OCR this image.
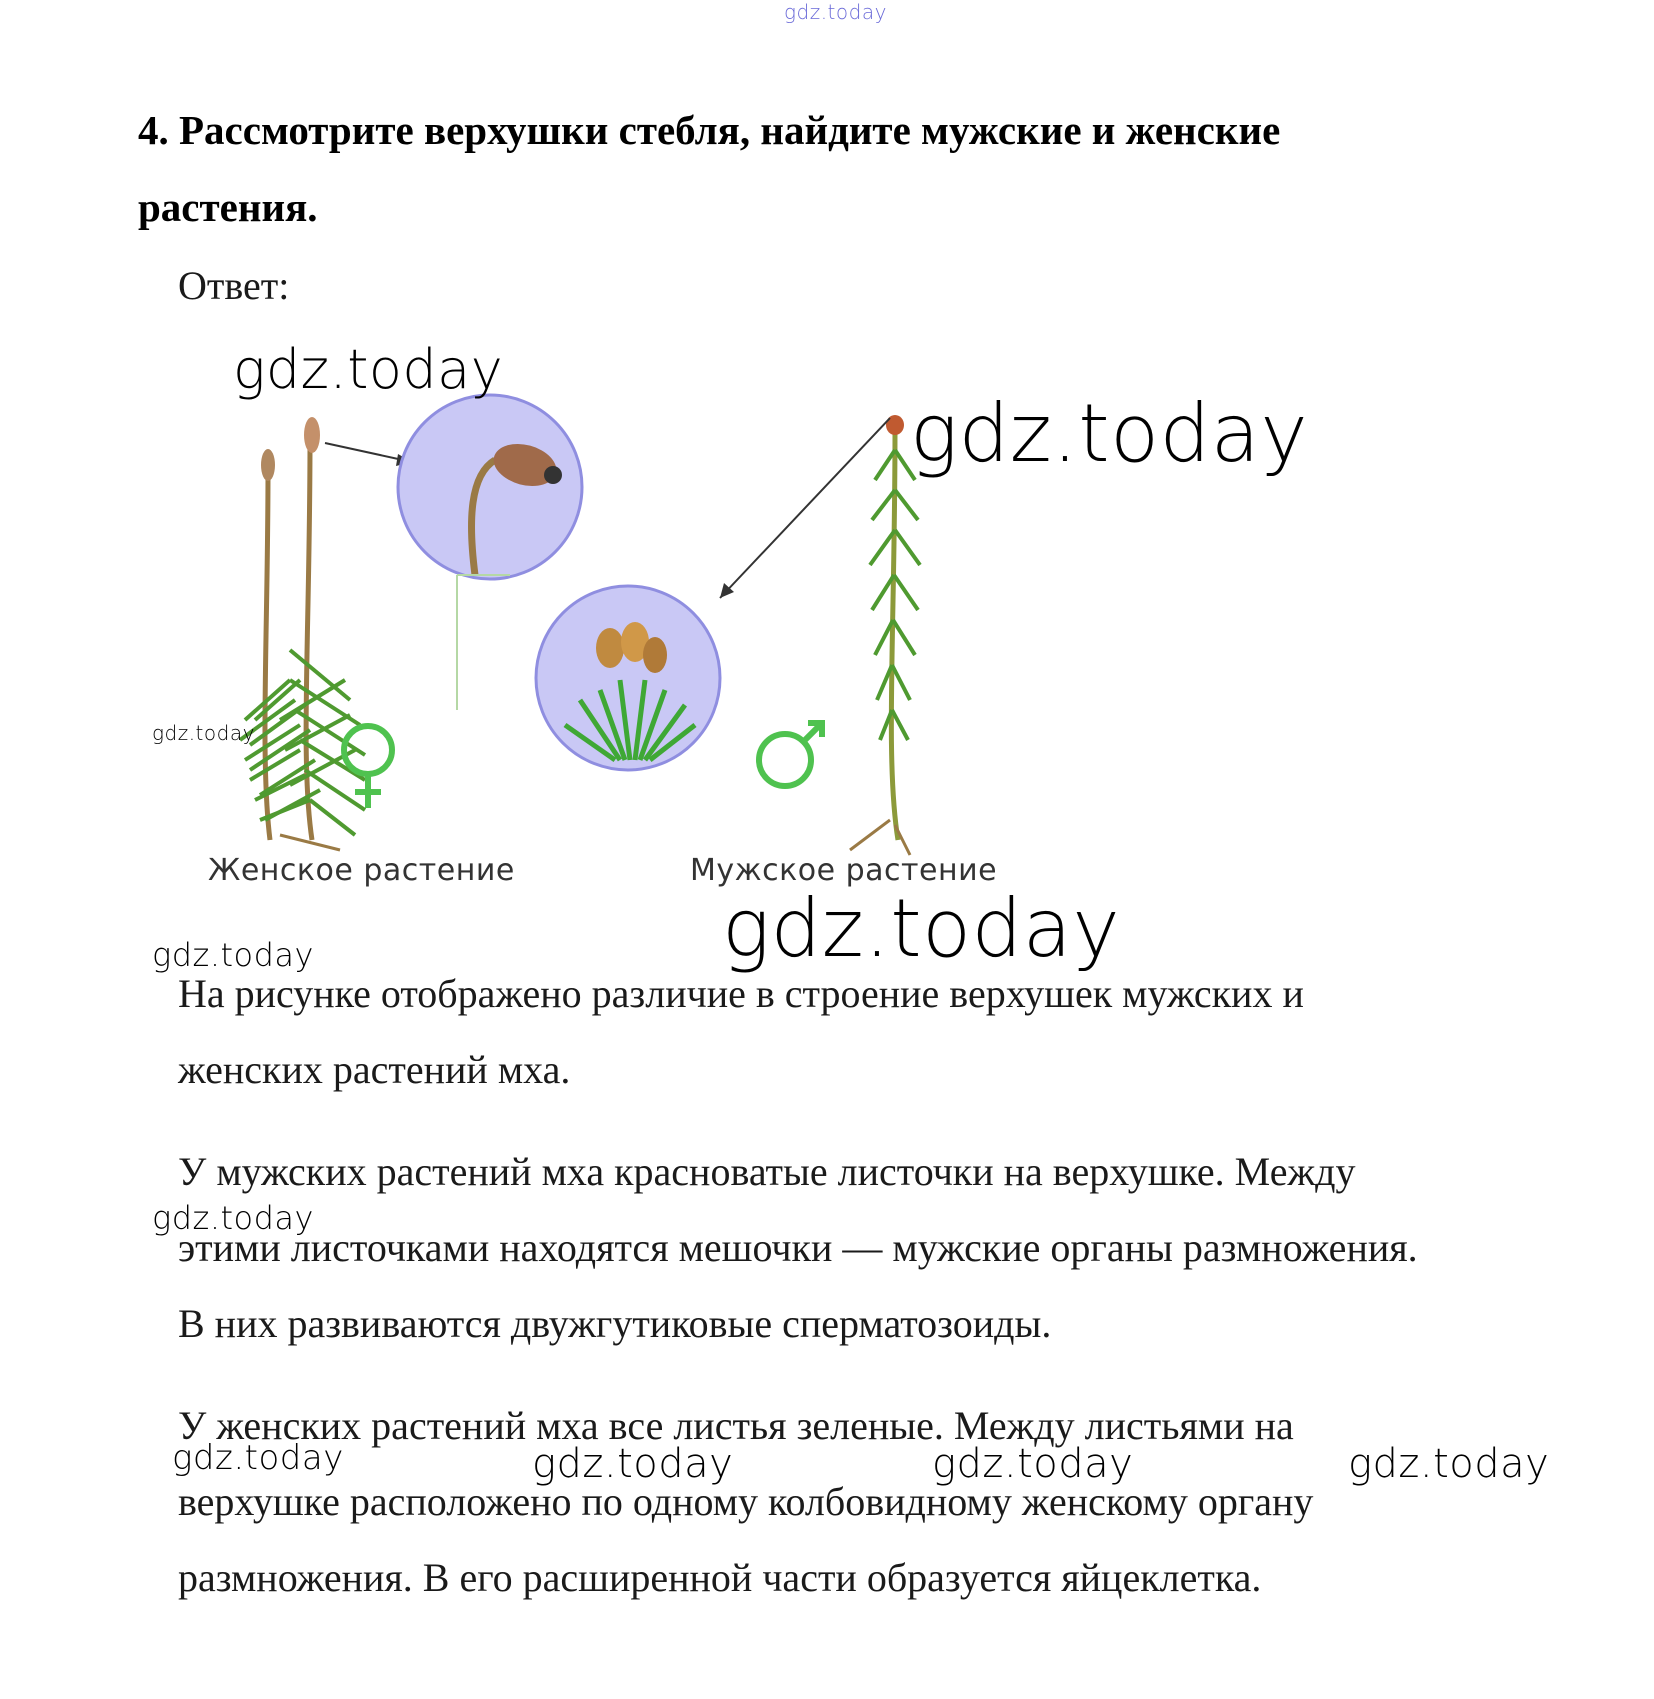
gdz.today
4. Рассмотрите верхушки стебля, найдите мужские и женские
растения.
Ответ:
Женское растение	Мужское растение
gdz.today
gdz.today
gdz.today
gdz.today
gdz.today
На рисунке отображено различие в строение верхушек мужских и
женских растений мха.
У мужских растений мха красноватые листочки на верхушке. Между
gdz.today
этими листочками находятся мешочки — мужские органы размножения.
В них развиваются двужгутиковые сперматозоиды.
У женских растений мха все листья зеленые. Между листьями на
gdz.today	gdz.today	gdz.today	gdz.today
верхушке расположено по одному колбовидному женскому органу
размножения. В его расширенной части образуется яйцеклетка.
